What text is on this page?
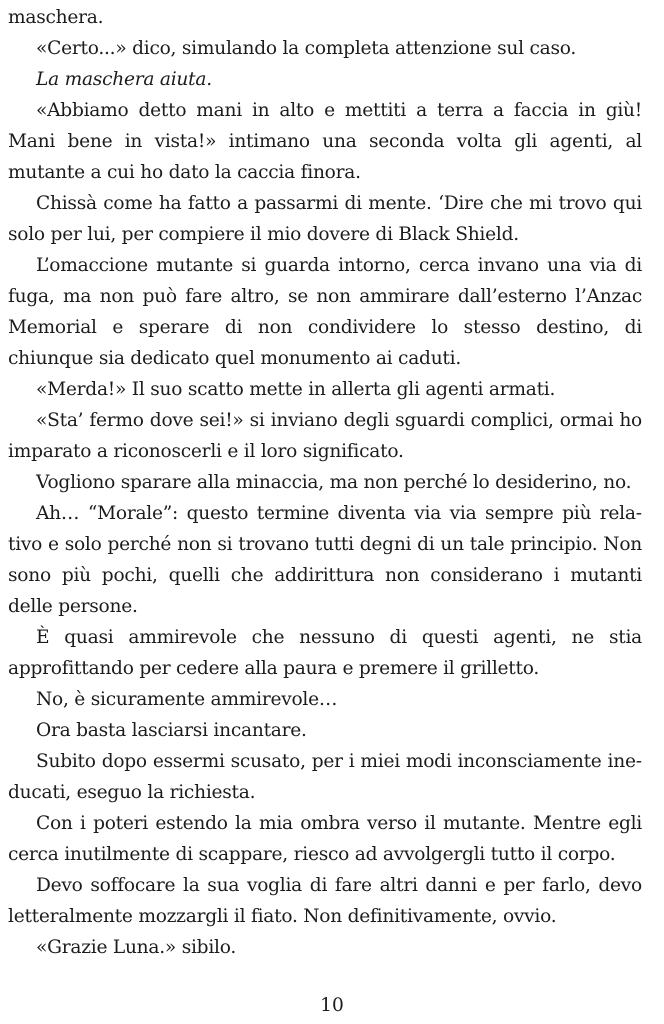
maschera.

«Certo...» dico, simulando la completa attenzione sul caso.

La maschera aiuta.

«Abbiamo detto mani in alto e mettiti a terra a faccia in giù! Mani bene in vista!» intimano una seconda volta gli agenti, al mutante a cui ho dato la caccia finora.

Chissà come ha fatto a passarmi di mente. ‘Dire che mi trovo qui solo per lui, per compiere il mio dovere di Black Shield.

L’omaccione mutante si guarda intorno, cerca invano una via di fuga, ma non può fare altro, se non ammirare dall’esterno l’Anzac Memorial e sperare di non condividere lo stesso destino, di chiunque sia dedicato quel monumento ai caduti.

«Merda!» Il suo scatto mette in allerta gli agenti armati.

«Sta’ fermo dove sei!» si inviano degli sguardi complici, ormai ho imparato a riconoscerli e il loro significato.

Vogliono sparare alla minaccia, ma non perché lo desiderino, no.

Ah… “Morale”: questo termine diventa via via sempre più relativo e solo perché non si trovano tutti degni di un tale principio. Non sono più pochi, quelli che addirittura non considerano i mutanti delle persone.

È quasi ammirevole che nessuno di questi agenti, ne stia approfittando per cedere alla paura e premere il grilletto.

No, è sicuramente ammirevole…

Ora basta lasciarsi incantare.

Subito dopo essermi scusato, per i miei modi inconsciamente ineducati, eseguo la richiesta.

Con i poteri estendo la mia ombra verso il mutante. Mentre egli cerca inutilmente di scappare, riesco ad avvolgergli tutto il corpo.

Devo soffocare la sua voglia di fare altri danni e per farlo, devo letteralmente mozzargli il fiato. Non definitivamente, ovvio.

«Grazie Luna.» sibilo.

10
